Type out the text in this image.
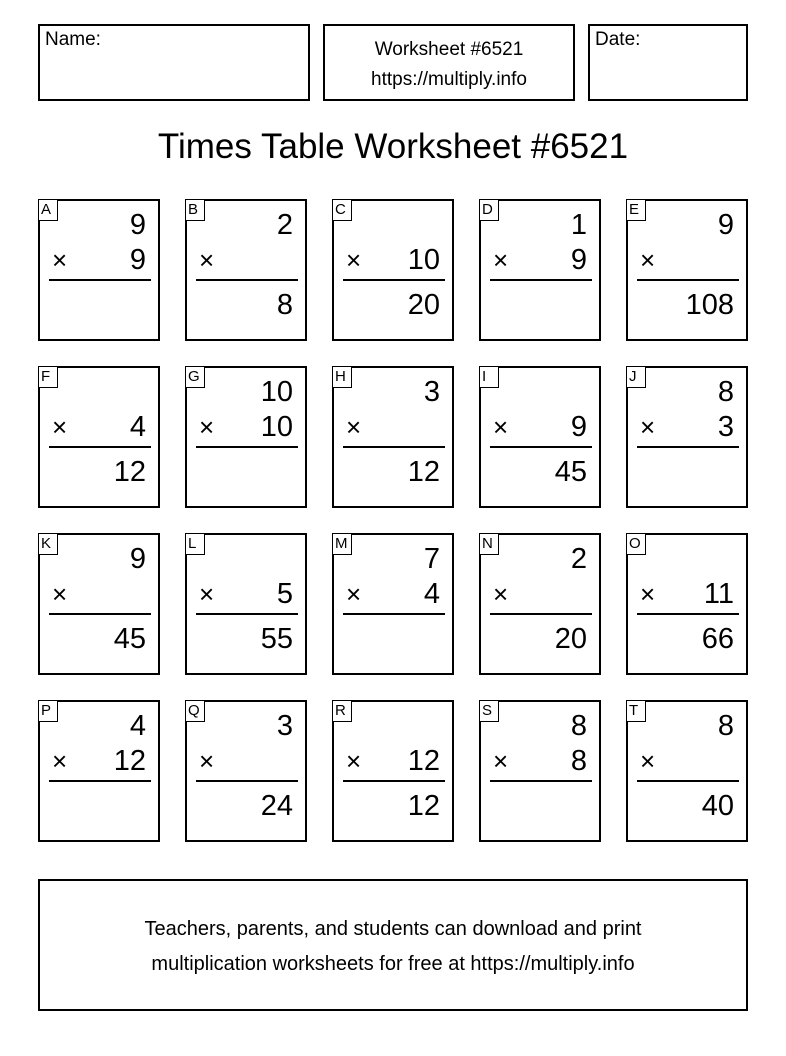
Name:	Worksheet #6521
https://multiply.info
Date:
Times Table Worksheet #6521
A	9
× 9
B	2
×
8
C
× 10
20
D	1
× 9
E	9
×
108
F
× 4
12
G 10
× 10
H	3
×
12
I
× 9
45
J	8
× 3
K	9
×
45
L
× 5
55
M	7
× 4
N	2
×
20
O
× 11
66
P	4
× 12
Q	3
×
24
R
× 12
12
S	8
× 8
T	8
×
40
Teachers, parents, and students can download and print
multiplication worksheets for free at https://multiply.info
